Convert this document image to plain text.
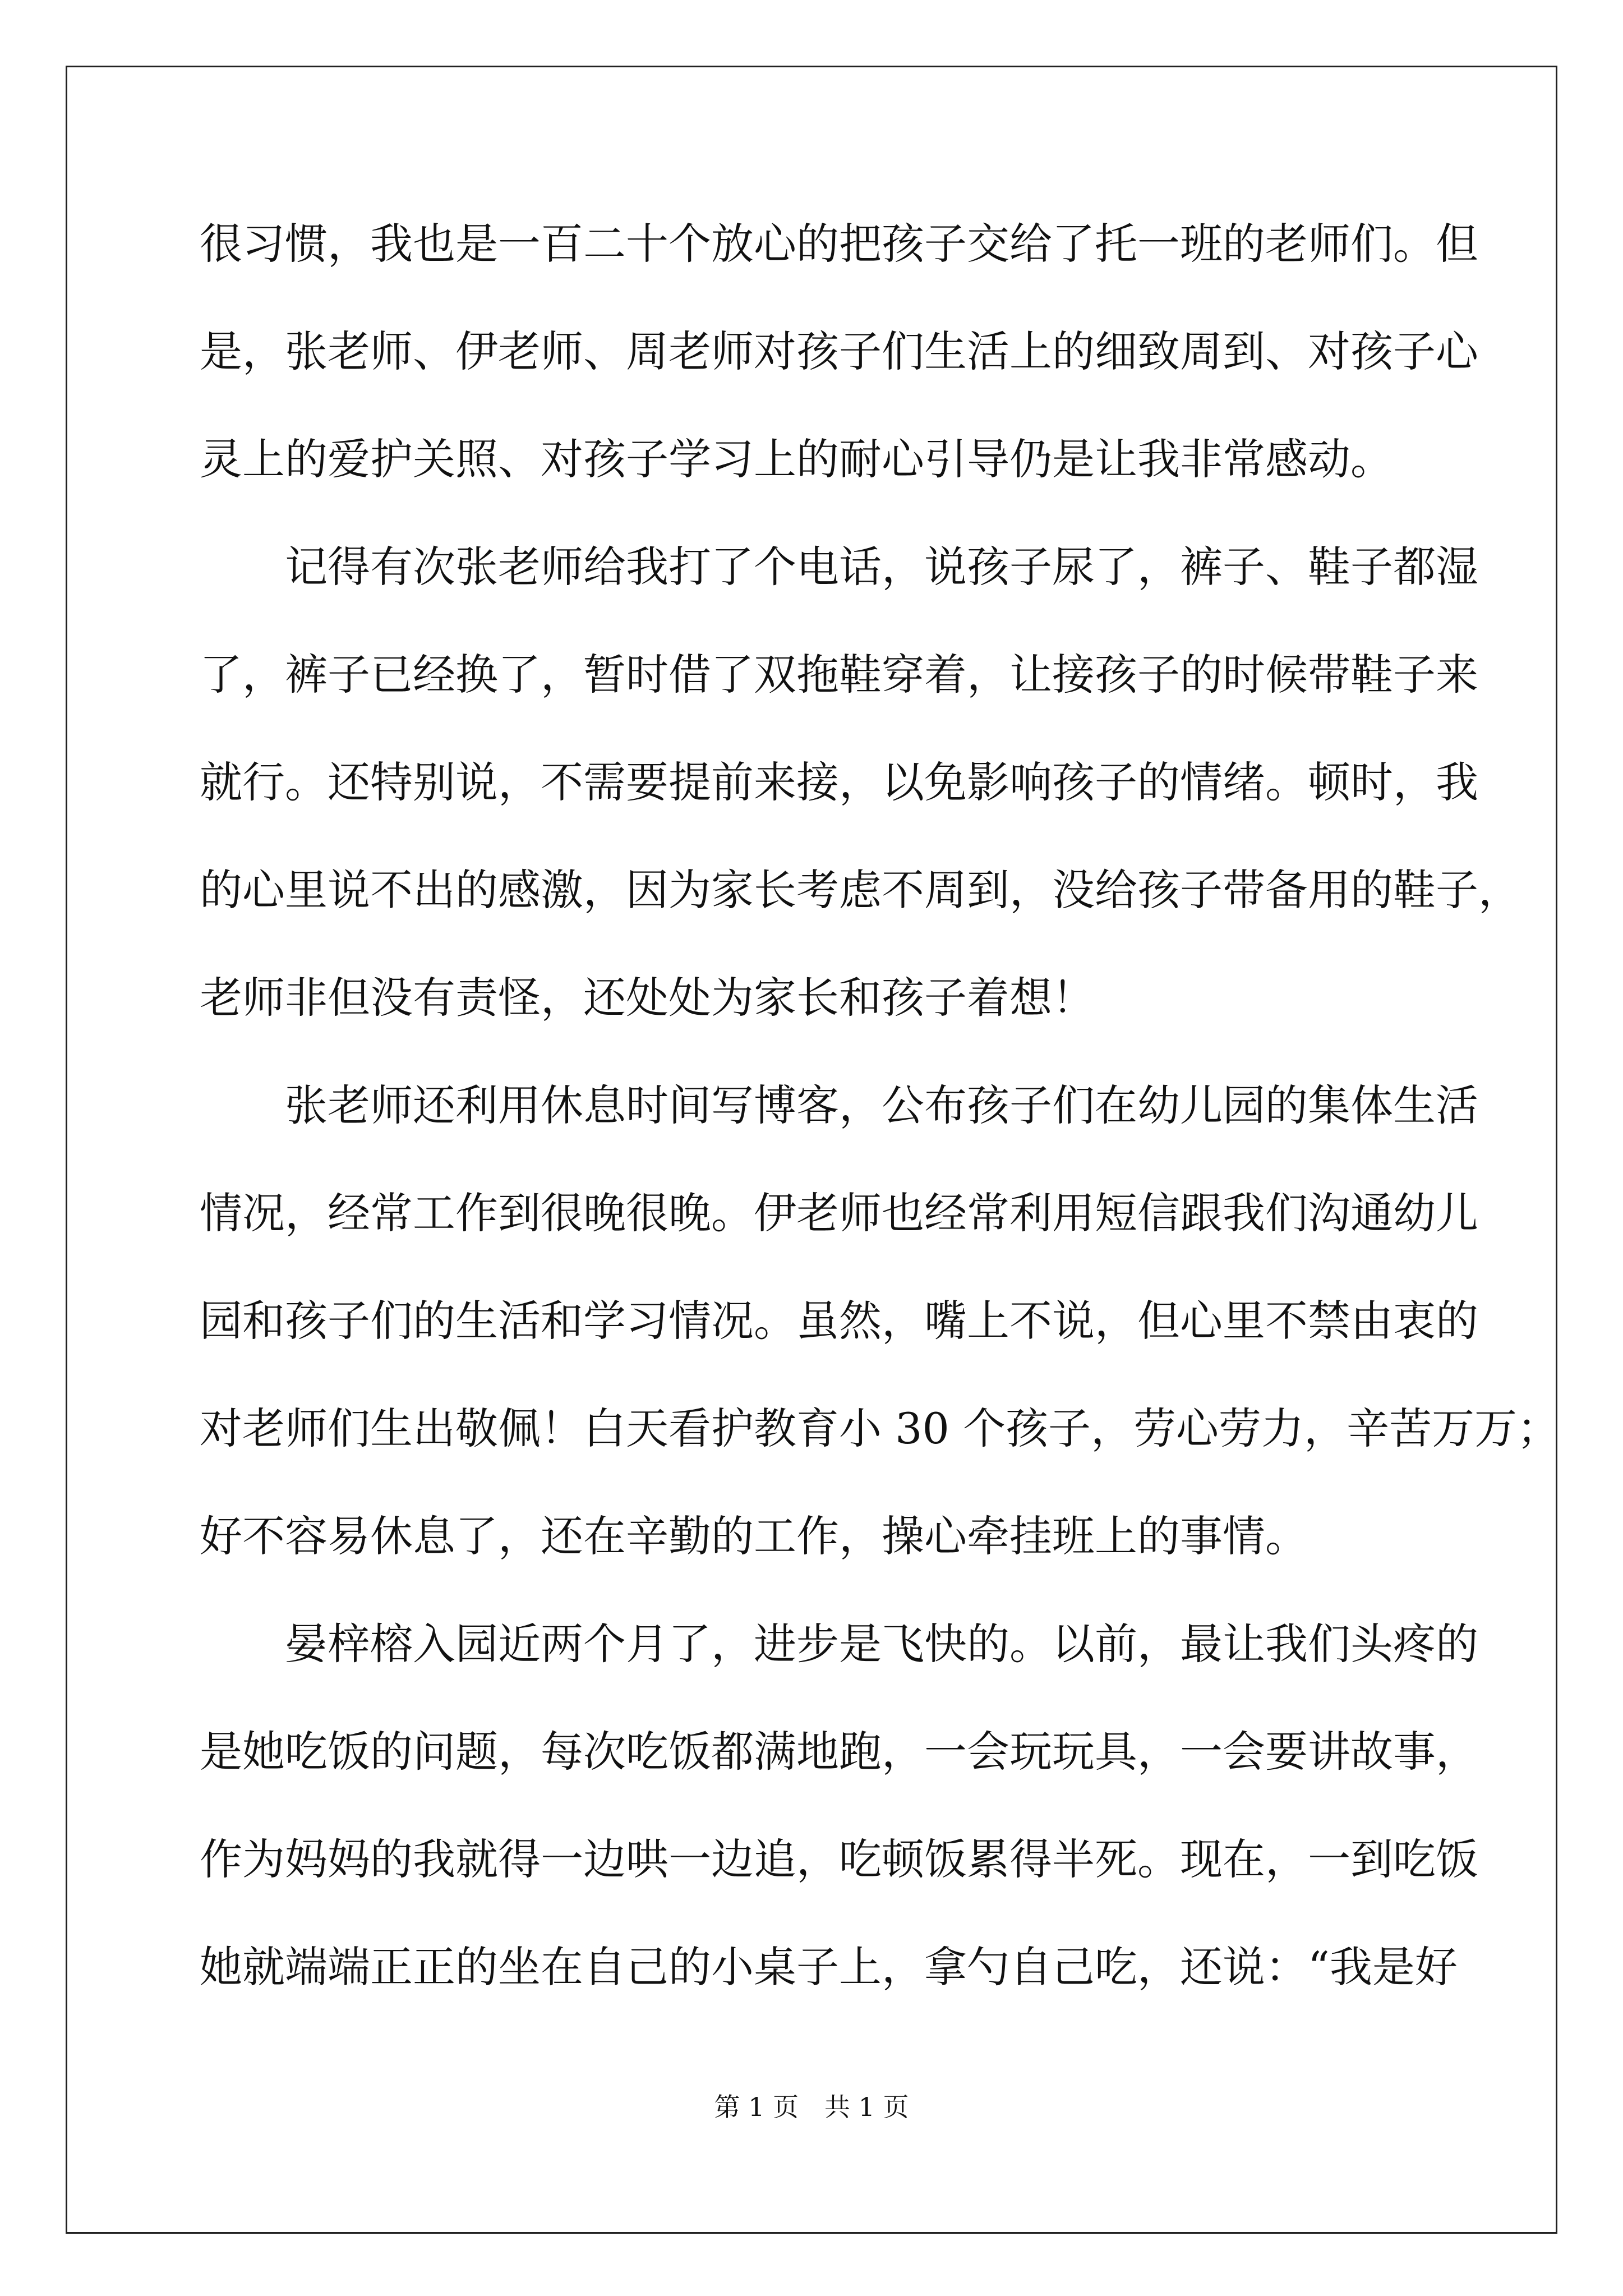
很习惯，我也是一百二十个放心的把孩子交给了托一班的老师们。但
是，张老师、伊老师、周老师对孩子们生活上的细致周到、对孩子心
灵上的爱护关照、对孩子学习上的耐心引导仍是让我非常感动。
记得有次张老师给我打了个电话，说孩子尿了，裤子、鞋子都湿
了，裤子已经换了，暂时借了双拖鞋穿着，让接孩子的时候带鞋子来
就行。还特别说，不需要提前来接，以免影响孩子的情绪。顿时，我
的心里说不出的感激，因为家长考虑不周到，没给孩子带备用的鞋子，
老师非但没有责怪，还处处为家长和孩子着想！
张老师还利用休息时间写博客，公布孩子们在幼儿园的集体生活
情况，经常工作到很晚很晚。伊老师也经常利用短信跟我们沟通幼儿
园和孩子们的生活和学习情况。虽然，嘴上不说，但心里不禁由衷的
对老师们生出敬佩！白天看护教育小 30 个孩子，劳心劳力，辛苦万万；
好不容易休息了，还在辛勤的工作，操心牵挂班上的事情。
晏梓榕入园近两个月了，进步是飞快的。以前，最让我们头疼的
是她吃饭的问题，每次吃饭都满地跑，一会玩玩具，一会要讲故事，
作为妈妈的我就得一边哄一边追，吃顿饭累得半死。现在，一到吃饭
她就端端正正的坐在自己的小桌子上，拿勺自己吃，还说：“我是好
第 1 页　共 1 页
